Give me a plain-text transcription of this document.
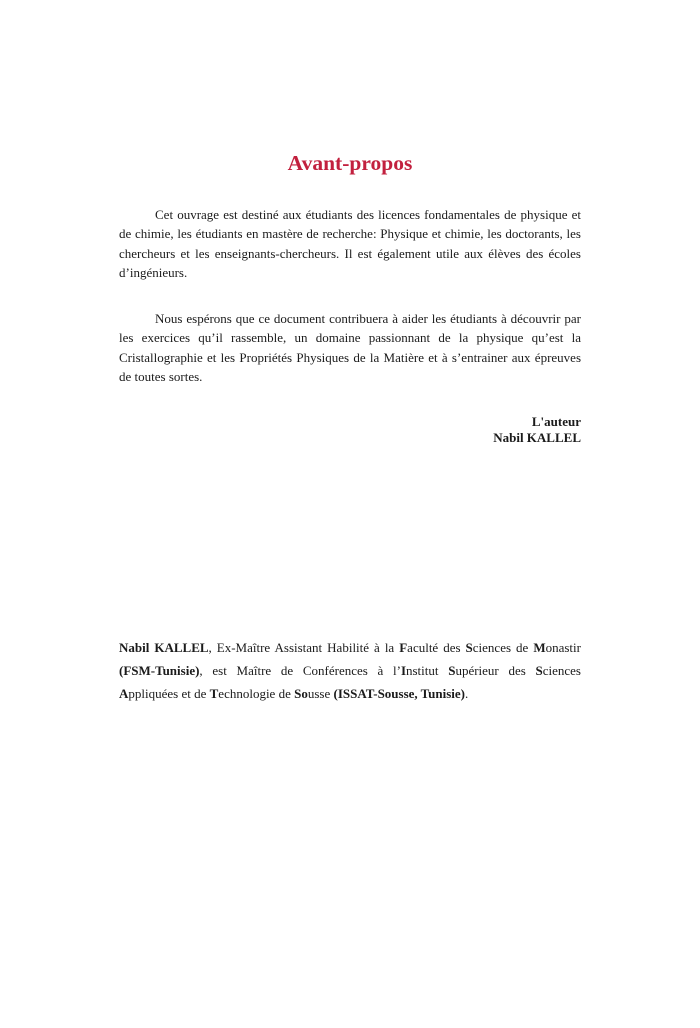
Avant-propos
Cet ouvrage est destiné aux étudiants des licences fondamentales de physique et
de chimie, les étudiants en mastère de recherche: Physique et chimie, les doctorants, les
chercheurs et les enseignants-chercheurs. Il est également utile aux élèves des écoles
d’ingénieurs.
Nous espérons que ce document contribuera à aider les étudiants à découvrir par
les exercices qu’il rassemble, un domaine passionnant de la physique qu’est la
Cristallographie et les Propriétés Physiques de la Matière et à s’entrainer aux épreuves
de toutes sortes.
L'auteur
Nabil KALLEL
Nabil KALLEL, Ex-Maître Assistant Habilité à la Faculté des Sciences de Monastir
(FSM-Tunisie), est Maître de Conférences à l’Institut Supérieur des Sciences
Appliquées et de Technologie de Sousse (ISSAT-Sousse, Tunisie).
